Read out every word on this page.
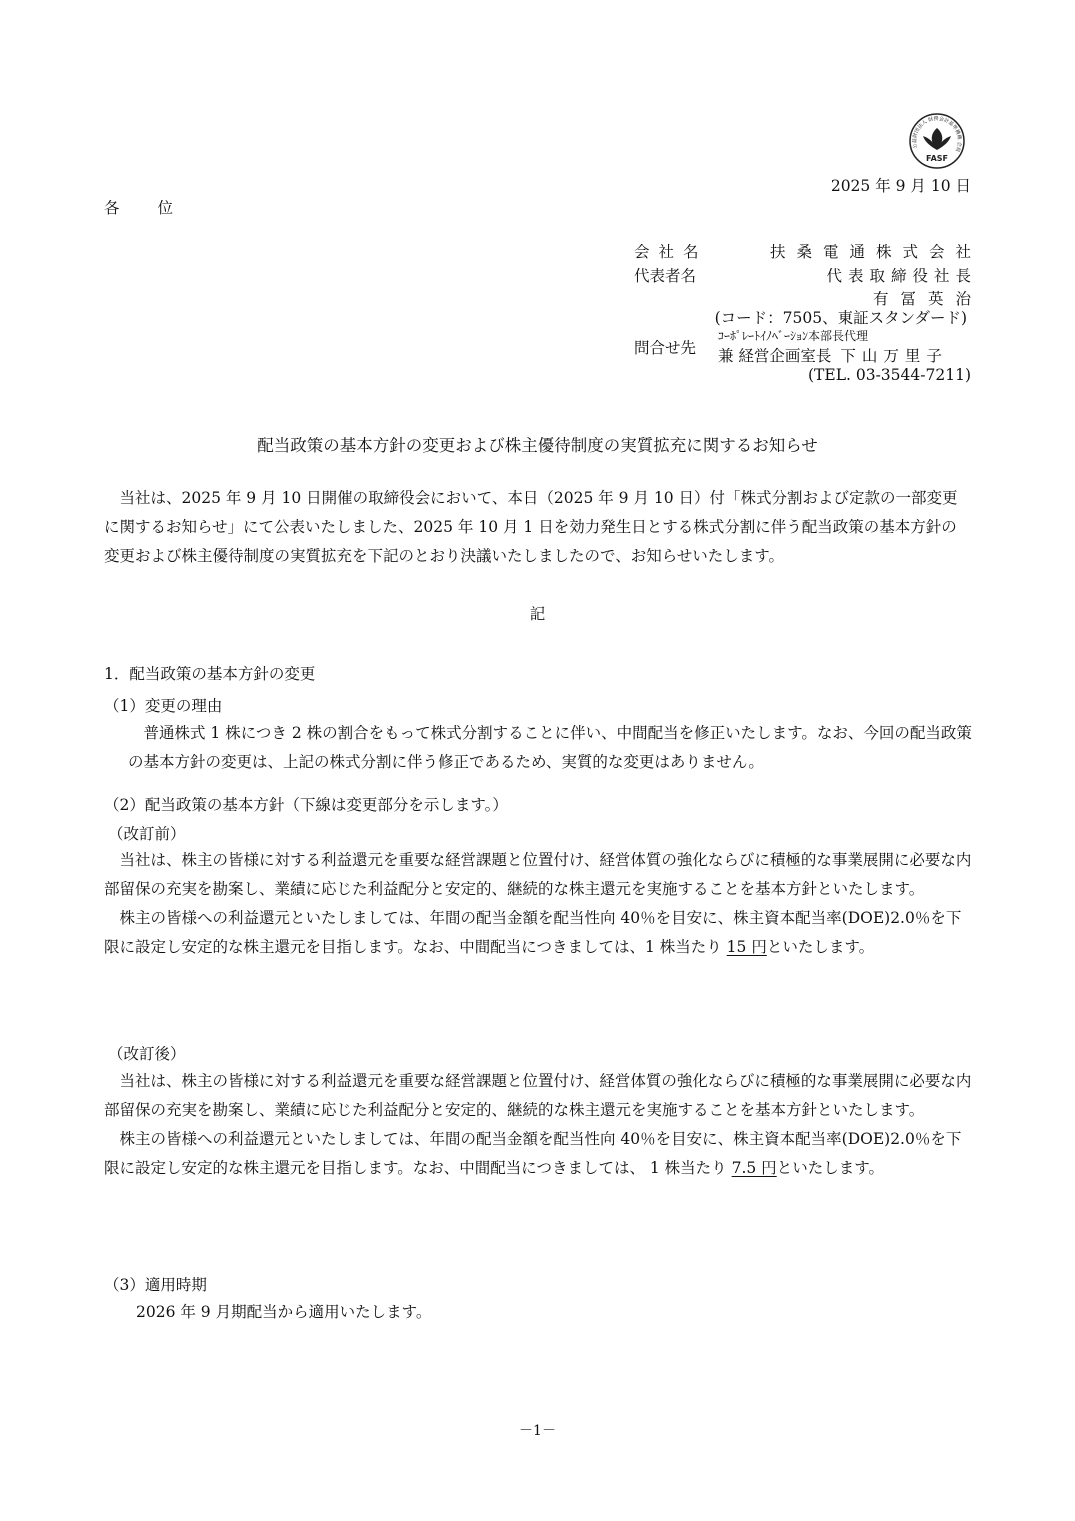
公益財団法人 財務会計基準機構 会員
FASF
2025 年 9 月 10 日
各位
会社名	扶桑電通株式会社
代表者名	代表取締役社長
有冨英治
(コード：7505、東証スタンダード)
問合せ先
ｺｰﾎﾟﾚｰﾄｲﾉﾍﾞｰｼｮﾝ本部長代理
兼 経営企画室長 下山万里子
(TEL. 03-3544-7211)
配当政策の基本方針の変更および株主優待制度の実質拡充に関するお知らせ

当社は、2025 年 9 月 10 日開催の取締役会において、本日（2025 年 9 月 10 日）付「株式分割および定款の一部変更に関するお知らせ」にて公表いたしました、2025 年 10 月 1 日を効力発生日とする株式分割に伴う配当政策の基本方針の変更および株主優待制度の実質拡充を下記のとおり決議いたしましたので、お知らせいたします。

記
1．配当政策の基本方針の変更
（1）変更の理由

普通株式 1 株につき 2 株の割合をもって株式分割することに伴い、中間配当を修正いたします。なお、今回の配当政策の基本方針の変更は、上記の株式分割に伴う修正であるため、実質的な変更はありません。

（2）配当政策の基本方針（下線は変更部分を示します。）
（改訂前）

当社は、株主の皆様に対する利益還元を重要な経営課題と位置付け、経営体質の強化ならびに積極的な事業展開に必要な内部留保の充実を勘案し、業績に応じた利益配分と安定的、継続的な株主還元を実施することを基本方針といたします。

株主の皆様への利益還元といたしましては、年間の配当金額を配当性向 40％を目安に、株主資本配当率(DOE)2.0％を下限に設定し安定的な株主還元を目指します。なお、中間配当につきましては、1 株当たり 15 円といたします。

（改訂後）

当社は、株主の皆様に対する利益還元を重要な経営課題と位置付け、経営体質の強化ならびに積極的な事業展開に必要な内部留保の充実を勘案し、業績に応じた利益配分と安定的、継続的な株主還元を実施することを基本方針といたします。

株主の皆様への利益還元といたしましては、年間の配当金額を配当性向 40％を目安に、株主資本配当率(DOE)2.0％を下限に設定し安定的な株主還元を目指します。なお、中間配当につきましては、 1 株当たり 7.5 円といたします。

（3）適用時期
2026 年 9 月期配当から適用いたします。
－1－
